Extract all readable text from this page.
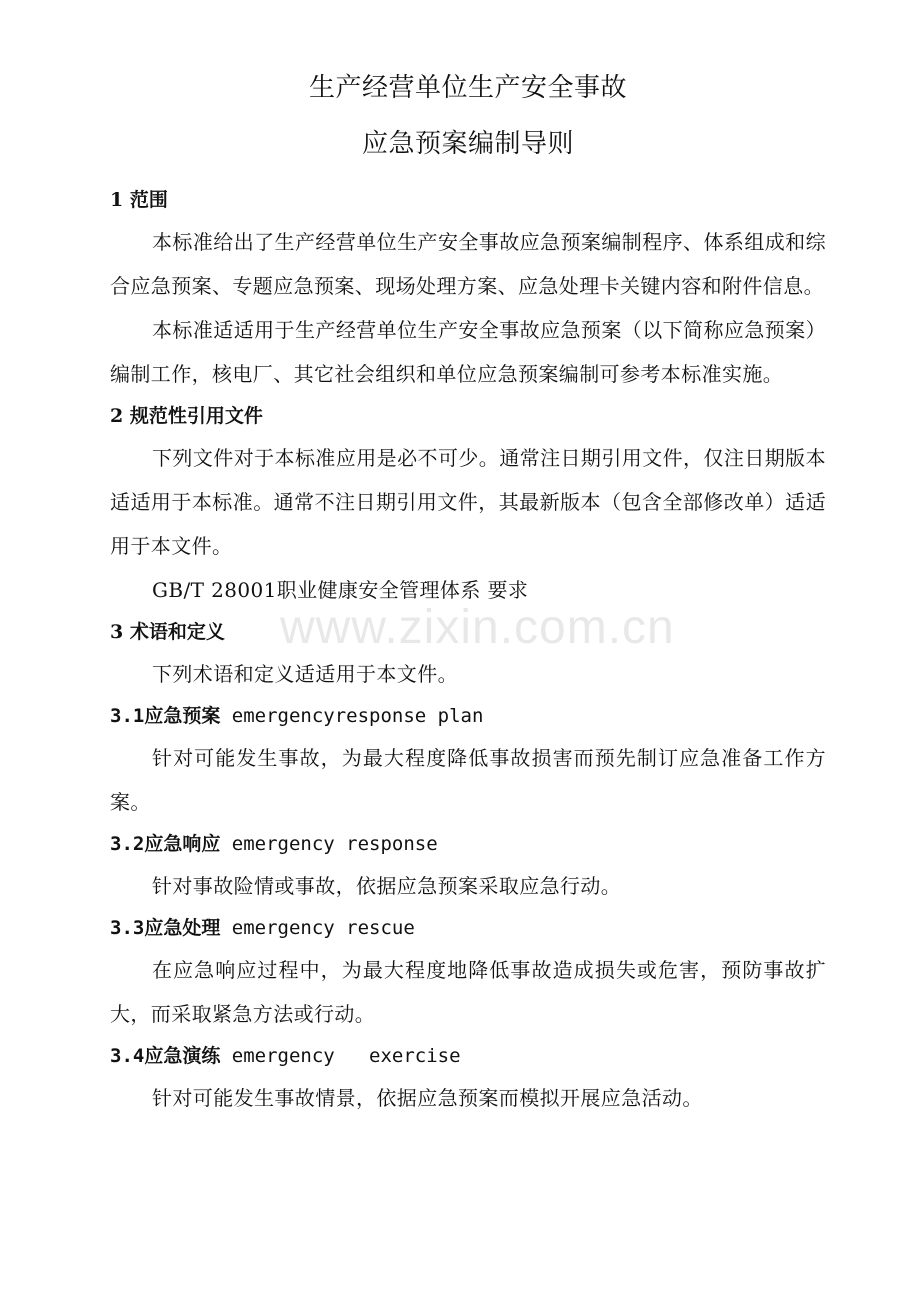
生产经营单位生产安全事故
应急预案编制导则
1 范围

本标准给出了生产经营单位生产安全事故应急预案编制程序、体系组成和综合应急预案、专题应急预案、现场处理方案、应急处理卡关键内容和附件信息。

本标准适适用于生产经营单位生产安全事故应急预案（以下简称应急预案）编制工作，核电厂、其它社会组织和单位应急预案编制可参考本标准实施。

2 规范性引用文件

下列文件对于本标准应用是必不可少。通常注日期引用文件，仅注日期版本适适用于本标准。通常不注日期引用文件，其最新版本（包含全部修改单）适适用于本文件。

GB/T 28001职业健康安全管理体系 要求

3 术语和定义

下列术语和定义适适用于本文件。

3.1应急预案 emergencyresponse plan

针对可能发生事故，为最大程度降低事故损害而预先制订应急准备工作方案。

3.2应急响应 emergency response

针对事故险情或事故，依据应急预案采取应急行动。

3.3应急处理 emergency rescue

在应急响应过程中，为最大程度地降低事故造成损失或危害，预防事故扩大，而采取紧急方法或行动。

3.4应急演练 emergency   exercise

针对可能发生事故情景，依据应急预案而模拟开展应急活动。

www.zixin.com.cn
